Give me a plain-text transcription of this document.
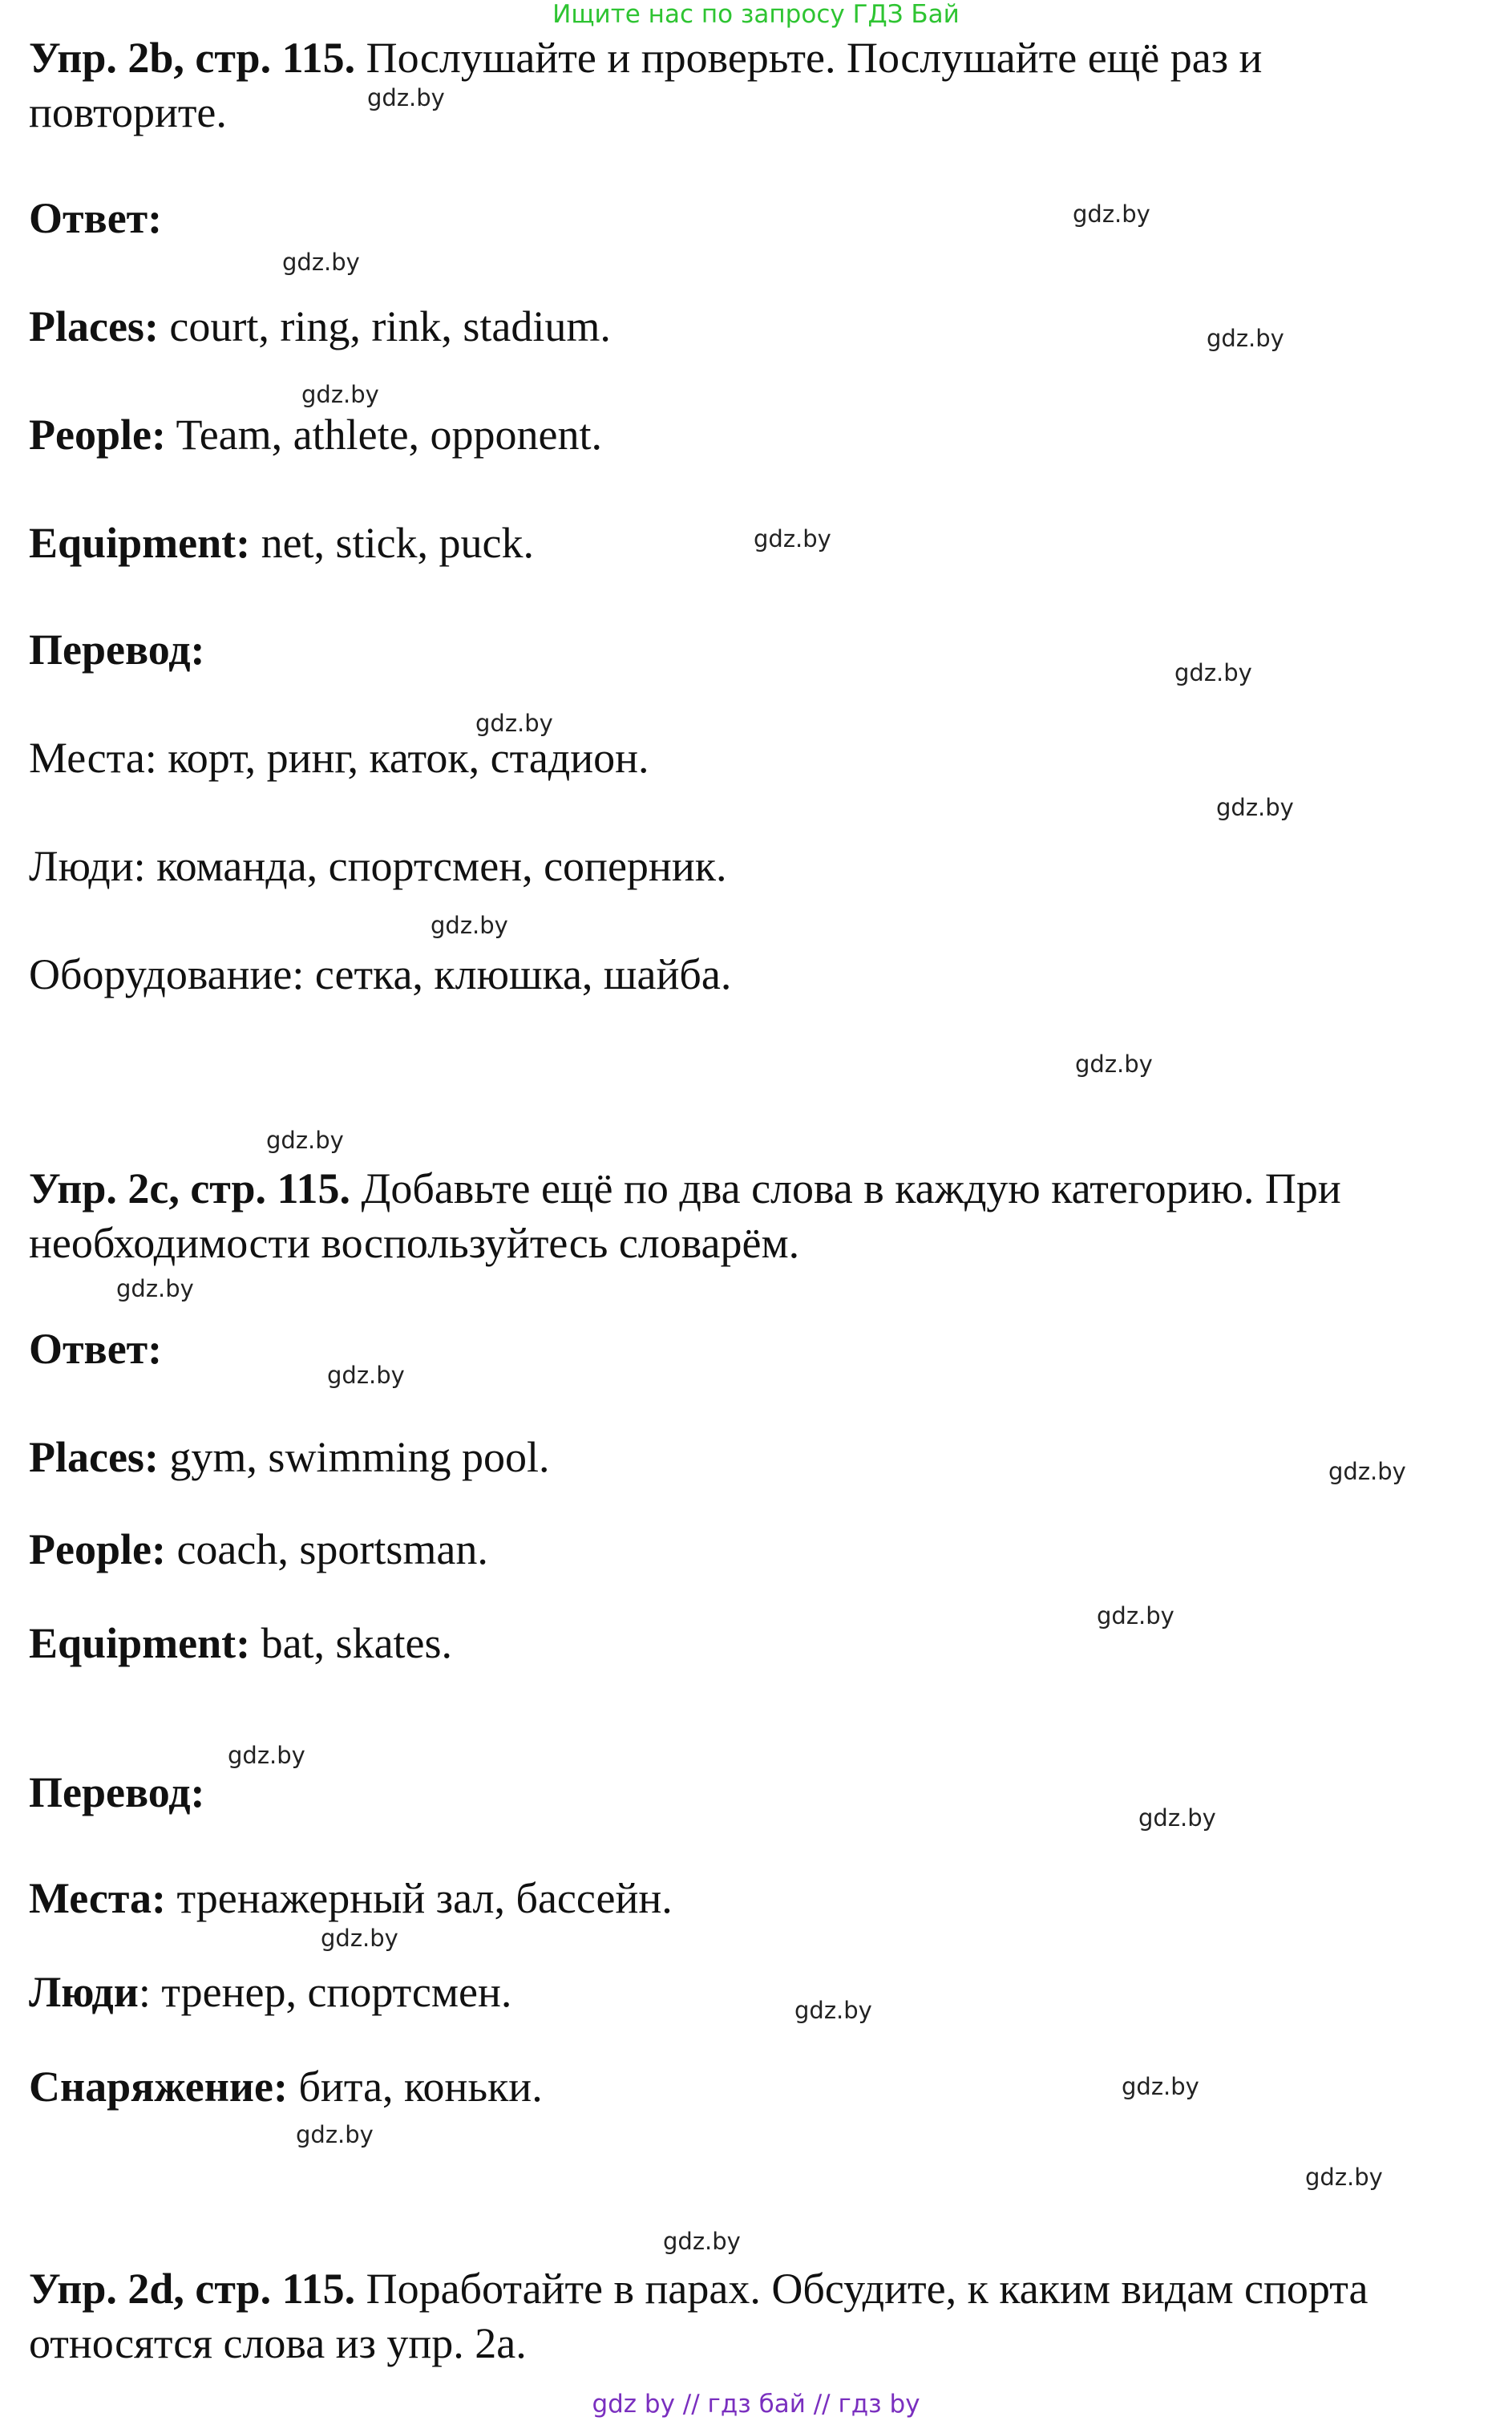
Ищите нас по запросу ГДЗ Бай
Упр. 2b, стр. 115. Послушайте и проверьте. Послушайте ещё раз и
повторите.
Ответ:
Places: court, ring, rink, stadium.
People: Team, athlete, opponent.
Equipment: net, stick, puck.
Перевод:
Места: корт, ринг, каток, стадион.
Люди: команда, спортсмен, соперник.
Оборудование: сетка, клюшка, шайба.
Упр. 2c, стр. 115. Добавьте ещё по два слова в каждую категорию. При
необходимости воспользуйтесь словарём.
Ответ:
Places: gym, swimming pool.
People: coach, sportsman.
Equipment: bat, skates.
Перевод:
Места: тренажерный зал, бассейн.
Люди: тренер, спортсмен.
Снаряжение: бита, коньки.
Упр. 2d, стр. 115. Поработайте в парах. Обсудите, к каким видам спорта
относятся слова из упр. 2а.
gdz.by
gdz.by
gdz.by
gdz.by
gdz.by
gdz.by
gdz.by
gdz.by
gdz.by
gdz.by
gdz.by
gdz.by
gdz.by
gdz.by
gdz.by
gdz.by
gdz.by
gdz.by
gdz.by
gdz.by
gdz.by
gdz.by
gdz.by
gdz.by
gdz by // гдз бай // гдз by
